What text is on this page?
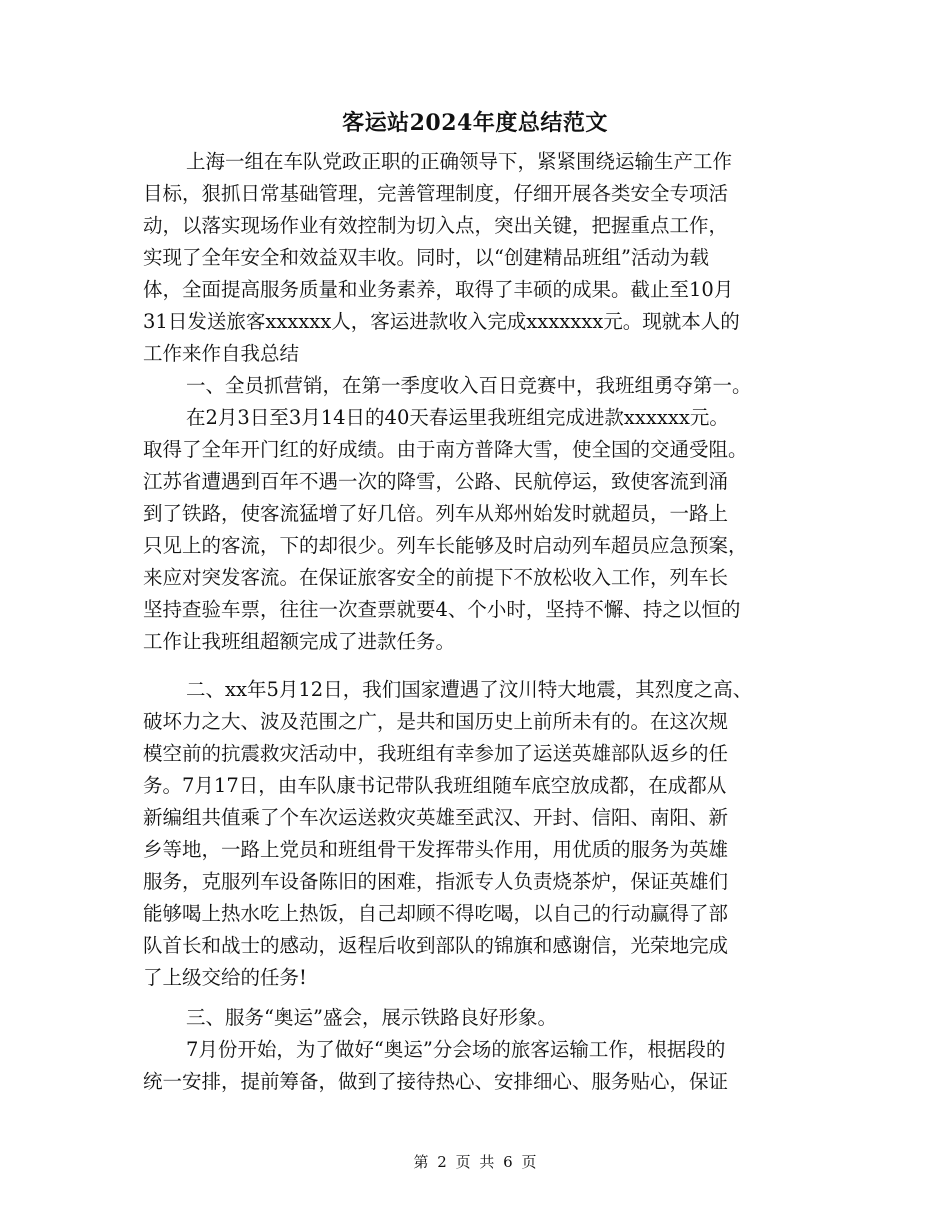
客运站2024年度总结范文
上海一组在车队党政正职的正确领导下，紧紧围绕运输生产工作
目标，狠抓日常基础管理，完善管理制度，仔细开展各类安全专项活
动，以落实现场作业有效控制为切入点，突出关键，把握重点工作，
实现了全年安全和效益双丰收。同时，以“创建精品班组”活动为载
体，全面提高服务质量和业务素养，取得了丰硕的成果。截止至10月
31日发送旅客xxxxxx人，客运进款收入完成xxxxxxx元。现就本人的
工作来作自我总结
一、全员抓营销，在第一季度收入百日竞赛中，我班组勇夺第一。
在2月3日至3月14日的40天春运里我班组完成进款xxxxxx元。
取得了全年开门红的好成绩。由于南方普降大雪，使全国的交通受阻。
江苏省遭遇到百年不遇一次的降雪，公路、民航停运，致使客流到涌
到了铁路，使客流猛增了好几倍。列车从郑州始发时就超员，一路上
只见上的客流，下的却很少。列车长能够及时启动列车超员应急预案，
来应对突发客流。在保证旅客安全的前提下不放松收入工作，列车长
坚持查验车票，往往一次查票就要4、个小时，坚持不懈、持之以恒的
工作让我班组超额完成了进款任务。
二、xx年5月12日，我们国家遭遇了汶川特大地震，其烈度之高、
破坏力之大、波及范围之广，是共和国历史上前所未有的。在这次规
模空前的抗震救灾活动中，我班组有幸参加了运送英雄部队返乡的任
务。7月17日，由车队康书记带队我班组随车底空放成都，在成都从
新编组共值乘了个车次运送救灾英雄至武汉、开封、信阳、南阳、新
乡等地，一路上党员和班组骨干发挥带头作用，用优质的服务为英雄
服务，克服列车设备陈旧的困难，指派专人负责烧茶炉，保证英雄们
能够喝上热水吃上热饭，自己却顾不得吃喝，以自己的行动赢得了部
队首长和战士的感动，返程后收到部队的锦旗和感谢信，光荣地完成
了上级交给的任务!
三、服务“奥运”盛会，展示铁路良好形象。
7月份开始，为了做好“奥运”分会场的旅客运输工作，根据段的
统一安排，提前筹备，做到了接待热心、安排细心、服务贴心，保证
第 2 页 共 6 页
